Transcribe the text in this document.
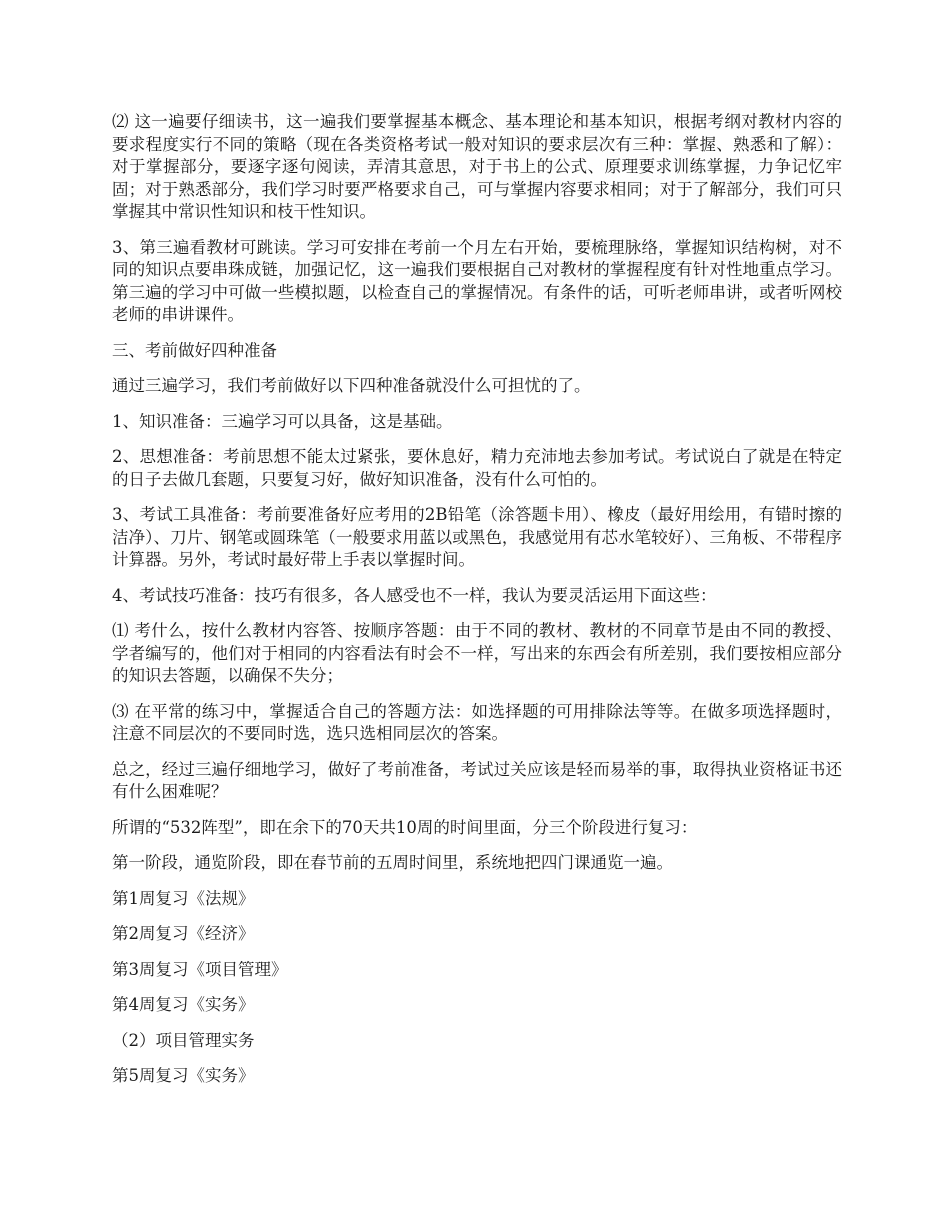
⑵ 这一遍要仔细读书，这一遍我们要掌握基本概念、基本理论和基本知识，根据考纲对教材内容的要求程度实行不同的策略（现在各类资格考试一般对知识的要求层次有三种：掌握、熟悉和了解）：对于掌握部分，要逐字逐句阅读，弄清其意思，对于书上的公式、原理要求训练掌握，力争记忆牢固；对于熟悉部分，我们学习时要严格要求自己，可与掌握内容要求相同；对于了解部分，我们可只掌握其中常识性知识和枝干性知识。

3、第三遍看教材可跳读。学习可安排在考前一个月左右开始，要梳理脉络，掌握知识结构树，对不同的知识点要串珠成链，加强记忆，这一遍我们要根据自己对教材的掌握程度有针对性地重点学习。第三遍的学习中可做一些模拟题，以检查自己的掌握情况。有条件的话，可听老师串讲，或者听网校老师的串讲课件。

三、考前做好四种准备

通过三遍学习，我们考前做好以下四种准备就没什么可担忧的了。

1、知识准备：三遍学习可以具备，这是基础。

2、思想准备：考前思想不能太过紧张，要休息好，精力充沛地去参加考试。考试说白了就是在特定的日子去做几套题，只要复习好，做好知识准备，没有什么可怕的。

3、考试工具准备：考前要准备好应考用的2B铅笔（涂答题卡用）、橡皮（最好用绘用，有错时擦的洁净）、刀片、钢笔或圆珠笔（一般要求用蓝以或黑色，我感觉用有芯水笔较好）、三角板、不带程序计算器。另外，考试时最好带上手表以掌握时间。

4、考试技巧准备：技巧有很多，各人感受也不一样，我认为要灵活运用下面这些：

⑴ 考什么，按什么教材内容答、按顺序答题：由于不同的教材、教材的不同章节是由不同的教授、学者编写的，他们对于相同的内容看法有时会不一样，写出来的东西会有所差别，我们要按相应部分的知识去答题，以确保不失分；

⑶ 在平常的练习中，掌握适合自己的答题方法：如选择题的可用排除法等等。在做多项选择题时，注意不同层次的不要同时选，选只选相同层次的答案。

总之，经过三遍仔细地学习，做好了考前准备，考试过关应该是轻而易举的事，取得执业资格证书还有什么困难呢？

所谓的“532阵型”，即在余下的70天共10周的时间里面，分三个阶段进行复习：

第一阶段，通览阶段，即在春节前的五周时间里，系统地把四门课通览一遍。

第1周复习《法规》

第2周复习《经济》

第3周复习《项目管理》

第4周复习《实务》

（2）项目管理实务

第5周复习《实务》
